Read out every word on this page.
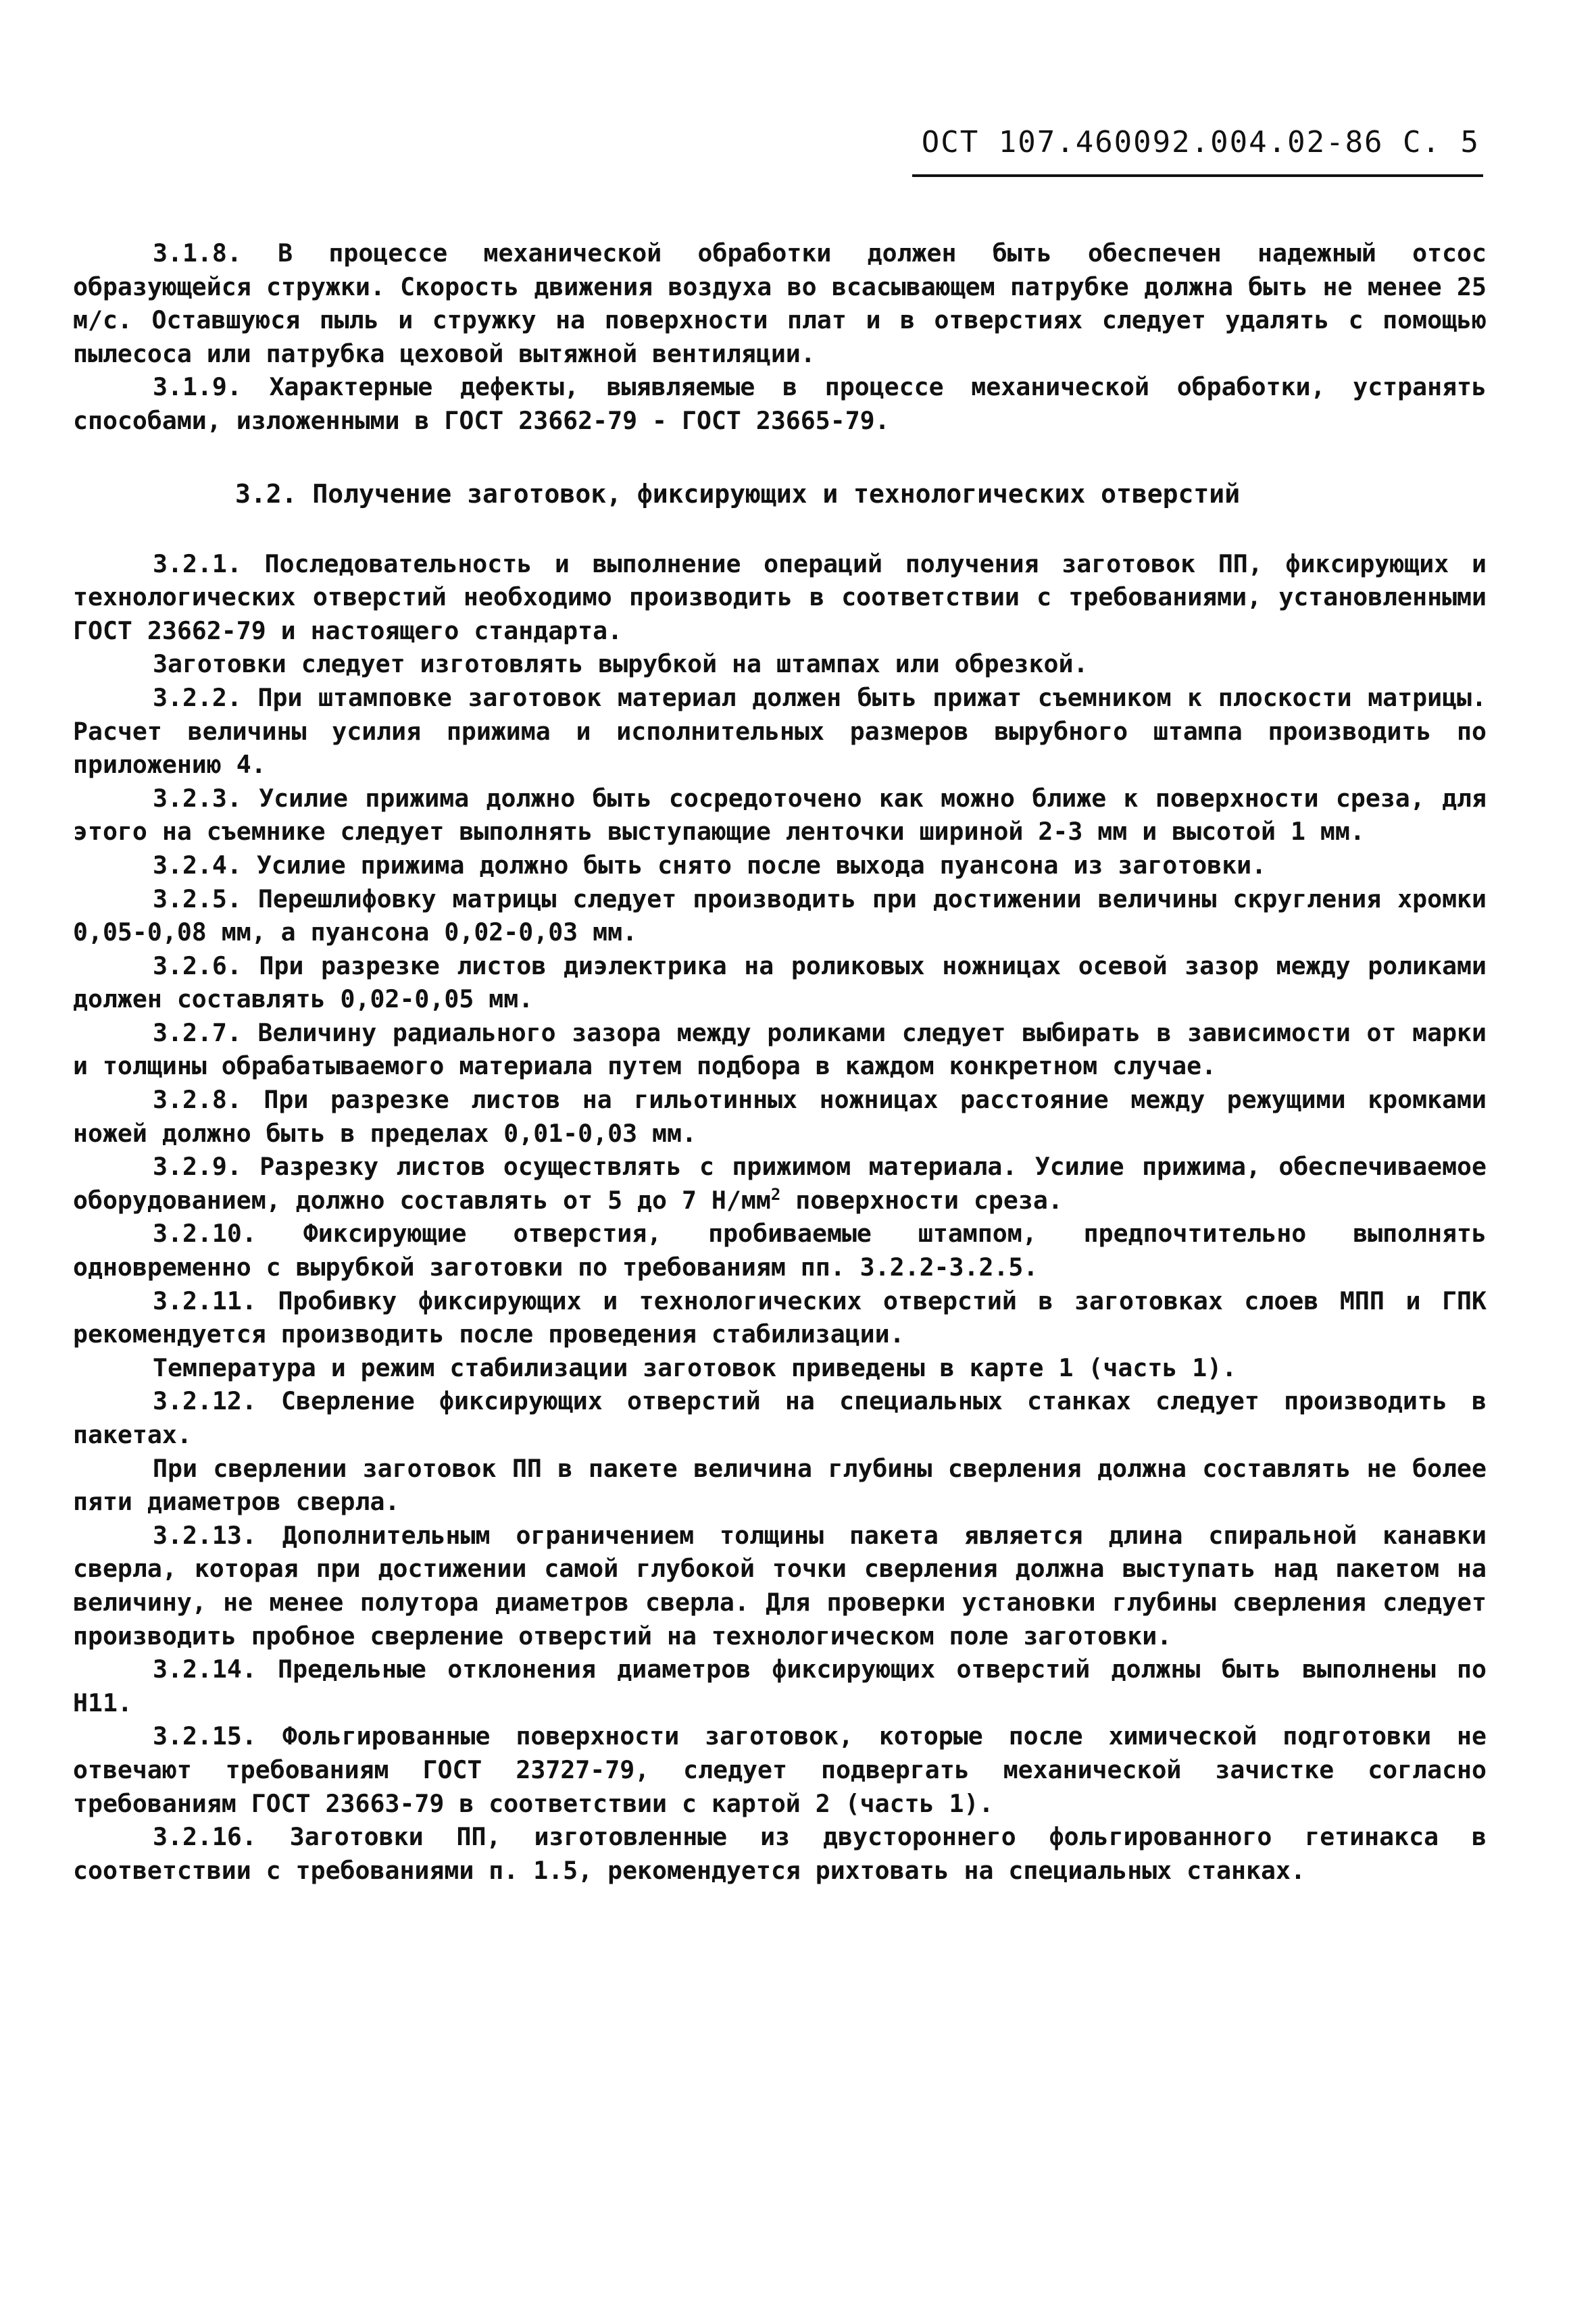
ОСТ 107.460092.004.02-86 С. 5

3.1.8. В процессе механической обработки должен быть обеспечен надежный отсос образующейся стружки. Скорость движения воздуха во всасывающем патрубке должна быть не менее 25 м/с. Оставшуюся пыль и стружку на поверхности плат и в отверстиях следует удалять с помощью пылесоса или патрубка цеховой вытяжной вентиляции.

3.1.9. Характерные дефекты, выявляемые в процессе механической обработки, устранять способами, изложенными в ГОСТ 23662-79 - ГОСТ 23665-79.

3.2. Получение заготовок, фиксирующих и технологических отверстий

3.2.1. Последовательность и выполнение операций получения заготовок ПП, фиксирующих и технологических отверстий необходимо производить в соответствии с требованиями, установленными ГОСТ 23662-79 и настоящего стандарта.

Заготовки следует изготовлять вырубкой на штампах или обрезкой.

3.2.2. При штамповке заготовок материал должен быть прижат съемником к плоскости матрицы. Расчет величины усилия прижима и исполнительных размеров вырубного штампа производить по приложению 4.

3.2.3. Усилие прижима должно быть сосредоточено как можно ближе к поверхности среза, для этого на съемнике следует выполнять выступающие ленточки шириной 2-3 мм и высотой 1 мм.

3.2.4. Усилие прижима должно быть снято после выхода пуансона из заготовки.

3.2.5. Перешлифовку матрицы следует производить при достижении величины скругления хромки 0,05-0,08 мм, а пуансона 0,02-0,03 мм.

3.2.6. При разрезке листов диэлектрика на роликовых ножницах осевой зазор между роликами должен составлять 0,02-0,05 мм.

3.2.7. Величину радиального зазора между роликами следует выбирать в зависимости от марки и толщины обрабатываемого материала путем подбора в каждом конкретном случае.

3.2.8. При разрезке листов на гильотинных ножницах расстояние между режущими кромками ножей должно быть в пределах 0,01-0,03 мм.

3.2.9. Разрезку листов осуществлять с прижимом материала. Усилие прижима, обеспечиваемое оборудованием, должно составлять от 5 до 7 $Н/мм^2$ поверхности среза.

3.2.10. Фиксирующие отверстия, пробиваемые штампом, предпочтительно выполнять одновременно с вырубкой заготовки по требованиям пп. 3.2.2-3.2.5.

3.2.11. Пробивку фиксирующих и технологических отверстий в заготовках слоев МПП и ГПК рекомендуется производить после проведения стабилизации.

Температура и режим стабилизации заготовок приведены в карте 1 (часть 1).

3.2.12. Сверление фиксирующих отверстий на специальных станках следует производить в пакетах.

При сверлении заготовок ПП в пакете величина глубины сверления должна составлять не более пяти диаметров сверла.

3.2.13. Дополнительным ограничением толщины пакета является длина спиральной канавки сверла, которая при достижении самой глубокой точки сверления должна выступать над пакетом на величину, не менее полутора диаметров сверла. Для проверки установки глубины сверления следует производить пробное сверление отверстий на технологическом поле заготовки.

3.2.14. Предельные отклонения диаметров фиксирующих отверстий должны быть выполнены по Н11.

3.2.15. Фольгированные поверхности заготовок, которые после химической подготовки не отвечают требованиям ГОСТ 23727-79, следует подвергать механической зачистке согласно требованиям ГОСТ 23663-79 в соответствии с картой 2 (часть 1).

3.2.16. Заготовки ПП, изготовленные из двустороннего фольгированного гетинакса в соответствии с требованиями п. 1.5, рекомендуется рихтовать на специальных станках.
